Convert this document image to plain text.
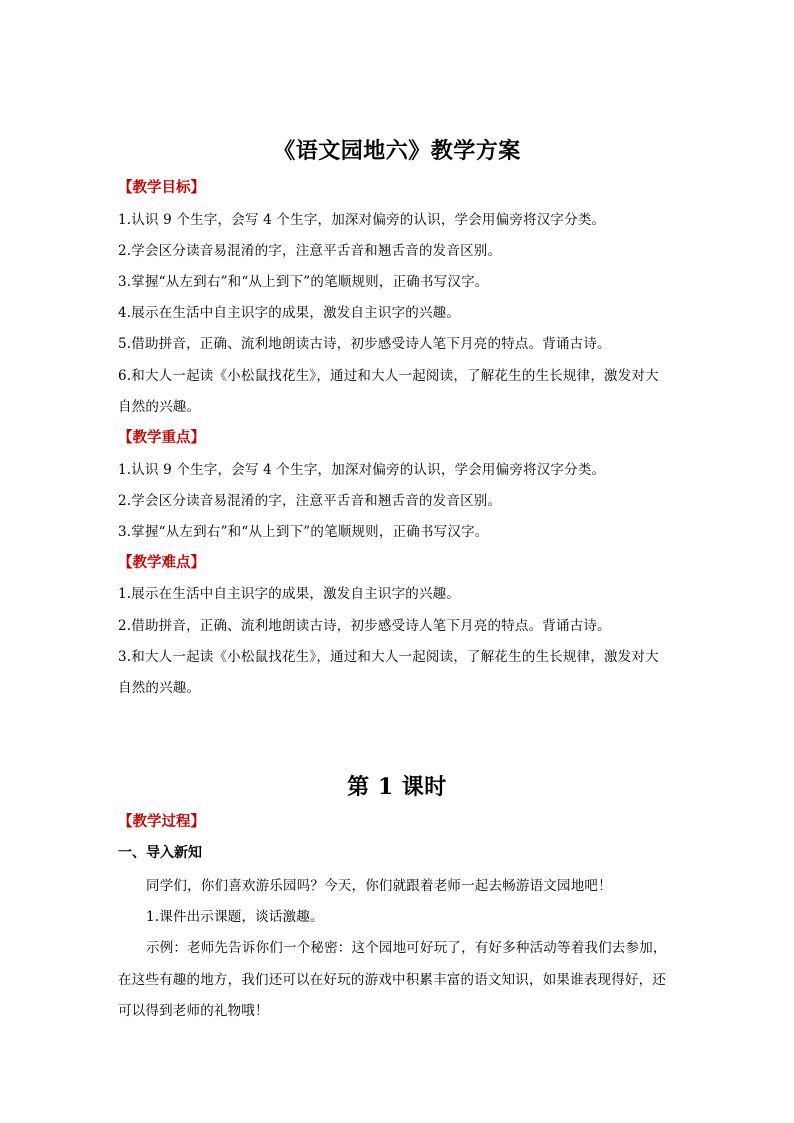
《语文园地六》教学方案
【教学目标】
1.认识 9 个生字，会写 4 个生字，加深对偏旁的认识，学会用偏旁将汉字分类。
2.学会区分读音易混淆的字，注意平舌音和翘舌音的发音区别。
3.掌握“从左到右”和“从上到下”的笔顺规则，正确书写汉字。
4.展示在生活中自主识字的成果，激发自主识字的兴趣。
5.借助拼音，正确、流利地朗读古诗，初步感受诗人笔下月亮的特点。背诵古诗。
6.和大人一起读《小松鼠找花生》，通过和大人一起阅读，了解花生的生长规律，激发对大
自然的兴趣。
【教学重点】
1.认识 9 个生字，会写 4 个生字，加深对偏旁的认识，学会用偏旁将汉字分类。
2.学会区分读音易混淆的字，注意平舌音和翘舌音的发音区别。
3.掌握“从左到右”和“从上到下”的笔顺规则，正确书写汉字。
【教学难点】
1.展示在生活中自主识字的成果，激发自主识字的兴趣。
2.借助拼音，正确、流利地朗读古诗，初步感受诗人笔下月亮的特点。背诵古诗。
3.和大人一起读《小松鼠找花生》，通过和大人一起阅读，了解花生的生长规律，激发对大
自然的兴趣。
第 1 课时
【教学过程】
一、导入新知
同学们，你们喜欢游乐园吗？今天，你们就跟着老师一起去畅游语文园地吧！
1.课件出示课题，谈话激趣。
示例：老师先告诉你们一个秘密：这个园地可好玩了，有好多种活动等着我们去参加，
在这些有趣的地方，我们还可以在好玩的游戏中积累丰富的语文知识，如果谁表现得好，还
可以得到老师的礼物哦！
